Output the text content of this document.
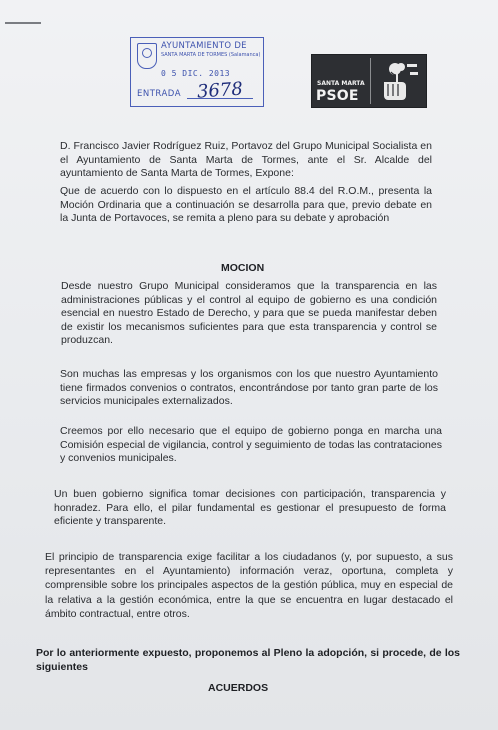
AYUNTAMIENTO DE
SANTA MARTA DE TORMES (Salamanca)
0 5 DIC. 2013
ENTRADA 3678	SANTA MARTA
PSOE

D. Francisco Javier Rodríguez Ruiz, Portavoz del Grupo Municipal Socialista en el Ayuntamiento de Santa Marta de Tormes, ante el Sr. Alcalde del ayuntamiento de Santa Marta de Tormes, Expone:

Que de acuerdo con lo dispuesto en el artículo 88.4 del R.O.M., presenta la Moción Ordinaria que a continuación se desarrolla para que, previo debate en la Junta de Portavoces, se remita a pleno para su debate y aprobación

MOCION

Desde nuestro Grupo Municipal consideramos que la transparencia en las administraciones públicas y el control al equipo de gobierno es una condición esencial en nuestro Estado de Derecho, y para que se pueda manifestar deben de existir los mecanismos suficientes para que esta transparencia y control se produzcan.

Son muchas las empresas y los organismos con los que nuestro Ayuntamiento tiene firmados convenios o contratos, encontrándose por tanto gran parte de los servicios municipales externalizados.

Creemos por ello necesario que el equipo de gobierno ponga en marcha una Comisión especial de vigilancia, control y seguimiento de todas las contrataciones y convenios municipales.

Un buen gobierno significa tomar decisiones con participación, transparencia y honradez. Para ello, el pilar fundamental es gestionar el presupuesto de forma eficiente y transparente.

El principio de transparencia exige facilitar a los ciudadanos (y, por supuesto, a sus representantes en el Ayuntamiento) información veraz, oportuna, completa y comprensible sobre los principales aspectos de la gestión pública, muy en especial de la relativa a la gestión económica, entre la que se encuentra en lugar destacado el ámbito contractual, entre otros.

Por lo anteriormente expuesto, proponemos al Pleno la adopción, si procede, de los siguientes

ACUERDOS
